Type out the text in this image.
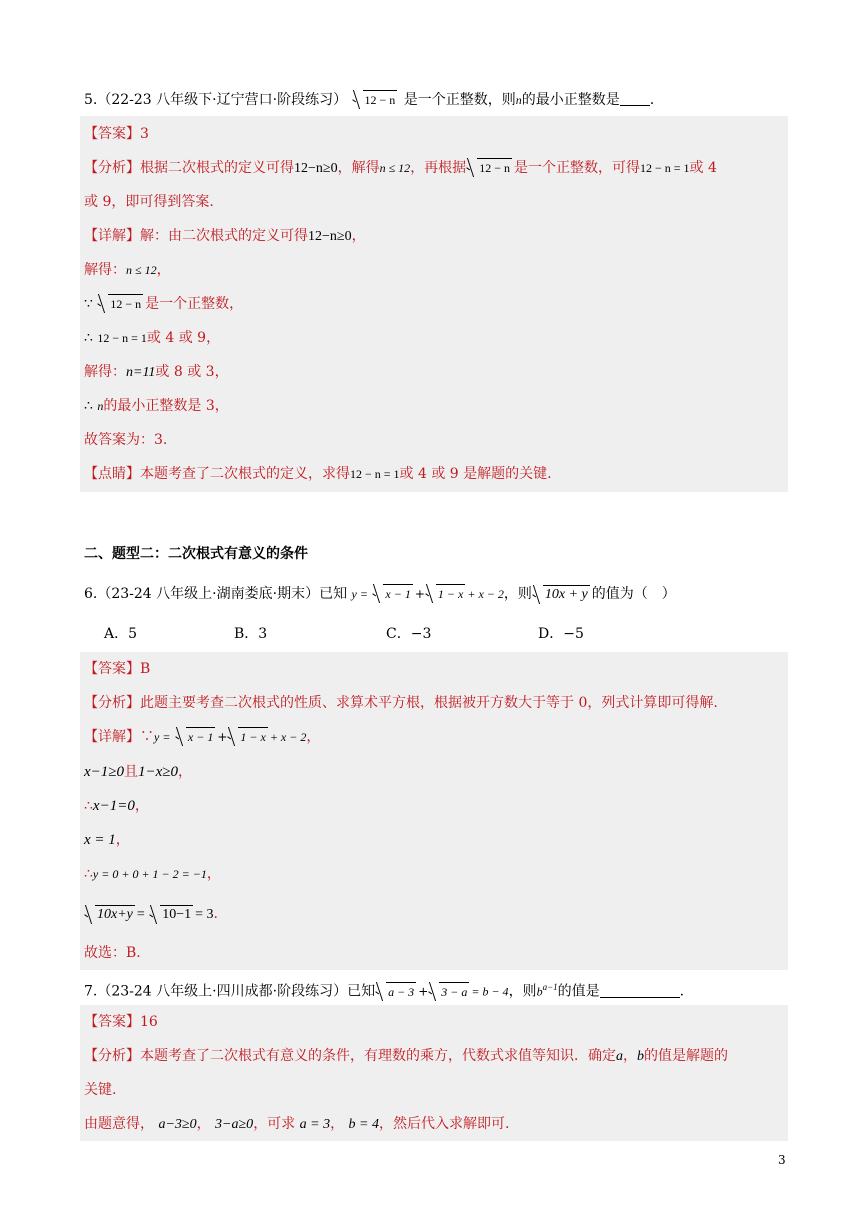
5.（22-23 八年级下·辽宁营口·阶段练习） 12 − n 是一个正整数，则n的最小正整数是 .
【答案】3
【分析】根据二次根式的定义可得12−n≥0，解得n ≤ 12，再根据 12 − n 是一个正整数，可得12 − n = 1或 4
或 9，即可得到答案.
【详解】解：由二次根式的定义可得12−n≥0，
解得：n ≤ 12，
∵ 12 − n 是一个正整数，
∴ 12 − n = 1或 4 或 9，
解得：n=11或 8 或 3，
∴ n的最小正整数是 3，
故答案为：3.
【点睛】本题考查了二次根式的定义，求得12 − n = 1或 4 或 9 是解题的关键.
二、题型二：二次根式有意义的条件
6.（23-24 八年级上·湖南娄底·期末）已知 y = x − 1 + 1 − x + x − 2，则 10x + y 的值为（　）
A．5	B．3	C．−3	D．−5
【答案】B
【分析】此题主要考查二次根式的性质、求算术平方根，根据被开方数大于等于 0，列式计算即可得解.
【详解】∵y = x − 1 + 1 − x + x − 2，
x−1≥0且1−x≥0，
∴x−1=0，
x = 1，
∴y = 0 + 0 + 1 − 2 = −1，
10x+y = 10−1 = 3.
故选：B.
7.（23-24 八年级上·四川成都·阶段练习）已知 a − 3 + 3 − a = b − 4，则$b^{a-1}$的值是	.
【答案】16
【分析】本题考查了二次根式有意义的条件，有理数的乘方，代数式求值等知识．确定a，b的值是解题的
关键.
由题意得， a−3≥0， 3−a≥0，可求 a = 3， b = 4，然后代入求解即可.
3
